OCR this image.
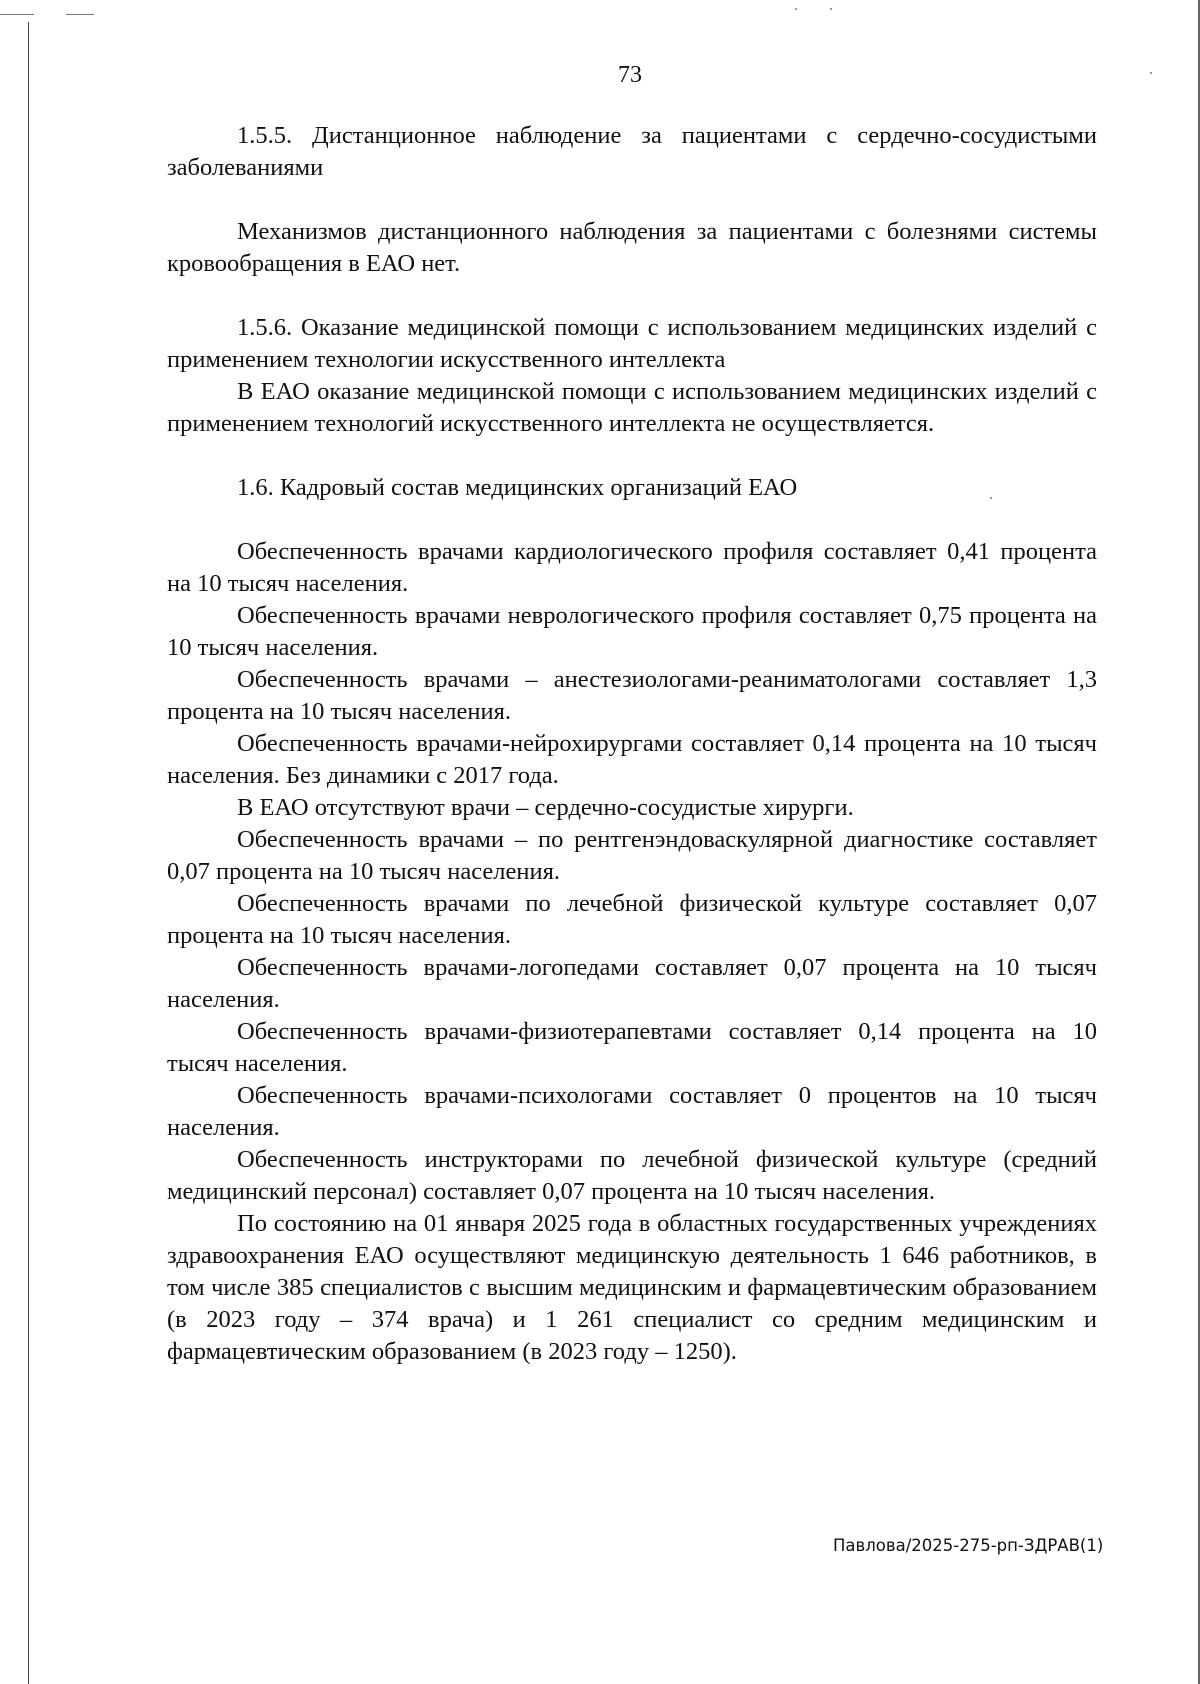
73

1.5.5. Дистанционное наблюдение за пациентами с сердечно-сосудистыми заболеваниями

Механизмов дистанционного наблюдения за пациентами с болезнями системы кровообращения в ЕАО нет.

1.5.6. Оказание медицинской помощи с использованием медицинских изделий с применением технологии искусственного интеллекта

В ЕАО оказание медицинской помощи с использованием медицинских изделий с применением технологий искусственного интеллекта не осуществляется.

1.6. Кадровый состав медицинских организаций ЕАО

Обеспеченность врачами кардиологического профиля составляет 0,41 процента на 10 тысяч населения.

Обеспеченность врачами неврологического профиля составляет 0,75 процента на 10 тысяч населения.

Обеспеченность врачами – анестезиологами-реаниматологами составляет 1,3 процента на 10 тысяч населения.

Обеспеченность врачами-нейрохирургами составляет 0,14 процента на 10 тысяч населения. Без динамики с 2017 года.

В ЕАО отсутствуют врачи – сердечно-сосудистые хирурги.

Обеспеченность врачами – по рентгенэндоваскулярной диагностике составляет 0,07 процента на 10 тысяч населения.

Обеспеченность врачами по лечебной физической культуре составляет 0,07 процента на 10 тысяч населения.

Обеспеченность врачами-логопедами составляет 0,07 процента на 10 тысяч населения.

Обеспеченность врачами-физиотерапевтами составляет 0,14 процента на 10 тысяч населения.

Обеспеченность врачами-психологами составляет 0 процентов на 10 тысяч населения.

Обеспеченность инструкторами по лечебной физической культуре (средний медицинский персонал) составляет 0,07 процента на 10 тысяч населения.

По состоянию на 01 января 2025 года в областных государственных учреждениях здравоохранения ЕАО осуществляют медицинскую деятельность 1 646 работников, в том числе 385 специалистов с высшим медицинским и фармацевтическим образованием (в 2023 году – 374 врача) и 1 261 специалист со средним медицинским и фармацевтическим образованием (в 2023 году – 1250).

Павлова/2025-275-рп-ЗДРАВ(1)
